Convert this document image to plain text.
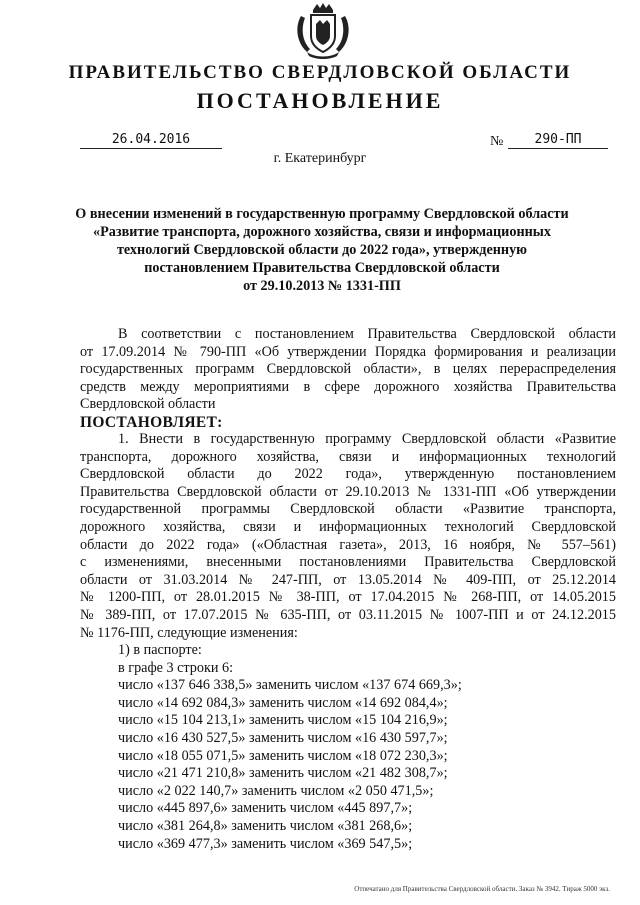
ПРАВИТЕЛЬСТВО СВЕРДЛОВСКОЙ ОБЛАСТИ
ПОСТАНОВЛЕНИЕ
26.04.2016	№	290-ПП
г. Екатеринбург
О внесении изменений в государственную программу Свердловской области
«Развитие транспорта, дорожного хозяйства, связи и информационных
технологий Свердловской области до 2022 года», утвержденную
постановлением Правительства Свердловской области
от 29.10.2013 № 1331-ПП
В соответствии с постановлением Правительства Свердловской области
от 17.09.2014 № 790-ПП «Об утверждении Порядка формирования и реализации
государственных программ Свердловской области», в целях перераспределения
средств между мероприятиями в сфере дорожного хозяйства Правительства
Свердловской области
ПОСТАНОВЛЯЕТ:
1. Внести в государственную программу Свердловской области «Развитие
транспорта, дорожного хозяйства, связи и информационных технологий
Свердловской области до 2022 года», утвержденную постановлением
Правительства Свердловской области от 29.10.2013 № 1331-ПП «Об утверждении
государственной программы Свердловской области «Развитие транспорта,
дорожного хозяйства, связи и информационных технологий Свердловской
области до 2022 года» («Областная газета», 2013, 16 ноября, № 557–561)
с изменениями, внесенными постановлениями Правительства Свердловской
области от 31.03.2014 № 247-ПП, от 13.05.2014 № 409-ПП, от 25.12.2014
№ 1200-ПП, от 28.01.2015 № 38-ПП, от 17.04.2015 № 268-ПП, от 14.05.2015
№ 389-ПП, от 17.07.2015 № 635-ПП, от 03.11.2015 № 1007-ПП и от 24.12.2015
№ 1176-ПП, следующие изменения:
1) в паспорте:
в графе 3 строки 6:
число «137 646 338,5» заменить числом «137 674 669,3»;
число «14 692 084,3» заменить числом «14 692 084,4»;
число «15 104 213,1» заменить числом «15 104 216,9»;
число «16 430 527,5» заменить числом «16 430 597,7»;
число «18 055 071,5» заменить числом «18 072 230,3»;
число «21 471 210,8» заменить числом «21 482 308,7»;
число «2 022 140,7» заменить числом «2 050 471,5»;
число «445 897,6» заменить числом «445 897,7»;
число «381 264,8» заменить числом «381 268,6»;
число «369 477,3» заменить числом «369 547,5»;
Отпечатано для Правительства Свердловской области. Заказ № 3942. Тираж 5000 экз.
